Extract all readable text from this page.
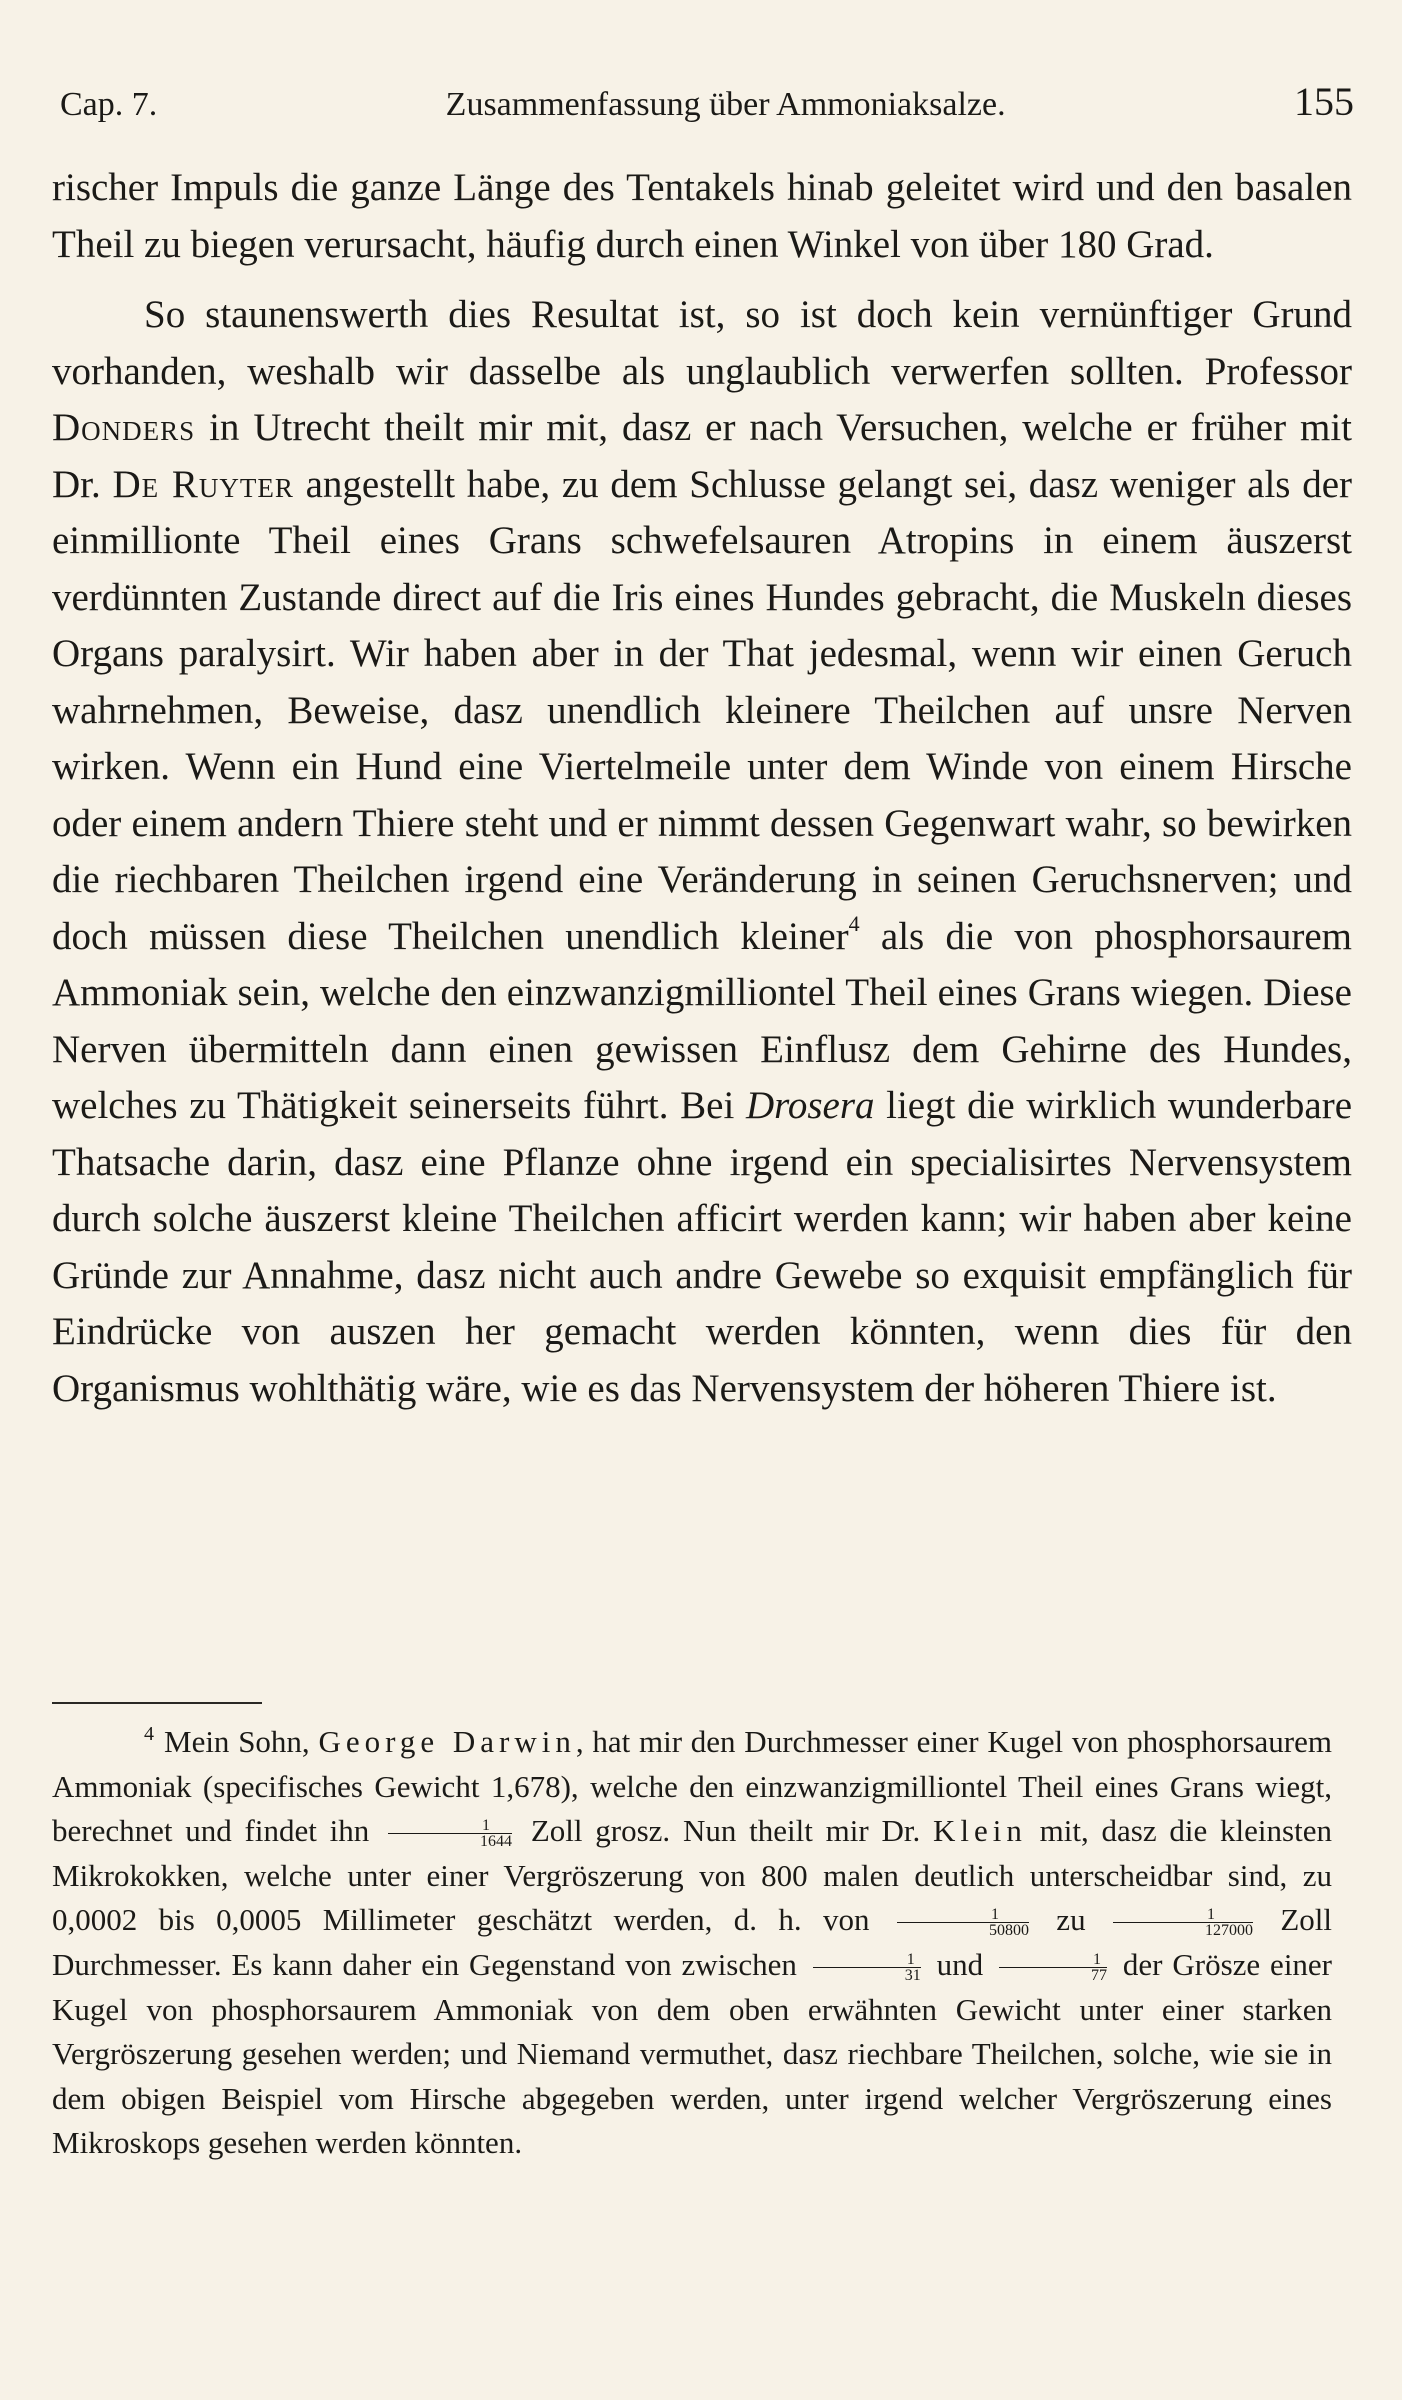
Cap. 7.	Zusammenfassung über Ammoniaksalze.	155

rischer Impuls die ganze Länge des Tentakels hinab geleitet wird und den basalen Theil zu biegen verursacht, häufig durch einen Winkel von über 180 Grad.

So staunenswerth dies Resultat ist, so ist doch kein vernünftiger Grund vorhanden, weshalb wir dasselbe als unglaublich verwerfen sollten. Professor Donders in Utrecht theilt mir mit, dasz er nach Versuchen, welche er früher mit Dr. De Ruyter angestellt habe, zu dem Schlusse gelangt sei, dasz weniger als der einmillionte Theil eines Grans schwefelsauren Atropins in einem äuszerst verdünnten Zustande direct auf die Iris eines Hundes gebracht, die Muskeln dieses Organs paralysirt. Wir haben aber in der That jedesmal, wenn wir einen Geruch wahrnehmen, Beweise, dasz unendlich kleinere Theilchen auf unsre Nerven wirken. Wenn ein Hund eine Viertelmeile unter dem Winde von einem Hirsche oder einem andern Thiere steht und er nimmt dessen Gegenwart wahr, so bewirken die riechbaren Theilchen irgend eine Veränderung in seinen Geruchsnerven; und doch müssen diese Theilchen unendlich kleiner$^4$ als die von phosphorsaurem Ammoniak sein, welche den einzwanzigmilliontel Theil eines Grans wiegen. Diese Nerven übermitteln dann einen gewissen Einflusz dem Gehirne des Hundes, welches zu Thätigkeit seinerseits führt. Bei Drosera liegt die wirklich wunderbare Thatsache darin, dasz eine Pflanze ohne irgend ein specialisirtes Nervensystem durch solche äuszerst kleine Theilchen afficirt werden kann; wir haben aber keine Gründe zur Annahme, dasz nicht auch andre Gewebe so exquisit empfänglich für Eindrücke von auszen her gemacht werden könnten, wenn dies für den Organismus wohlthätig wäre, wie es das Nervensystem der höheren Thiere ist.

$^4$ Mein Sohn, George Darwin, hat mir den Durchmesser einer Kugel von phosphorsaurem Ammoniak (specifisches Gewicht 1,678), welche den einzwanzigmilliontel Theil eines Grans wiegt, berechnet und findet ihn $\frac{1}{1644}$ Zoll grosz. Nun theilt mir Dr. Klein mit, dasz die kleinsten Mikrokokken, welche unter einer Vergröszerung von 800 malen deutlich unterscheidbar sind, zu 0,0002 bis 0,0005 Millimeter geschätzt werden, d. h. von $\frac{1}{50800}$ zu $\frac{1}{127000}$ Zoll Durchmesser. Es kann daher ein Gegenstand von zwischen $\frac{1}{31}$ und $\frac{1}{77}$ der Grösze einer Kugel von phosphorsaurem Ammoniak von dem oben erwähnten Gewicht unter einer starken Vergröszerung gesehen werden; und Niemand vermuthet, dasz riechbare Theilchen, solche, wie sie in dem obigen Beispiel vom Hirsche abgegeben werden, unter irgend welcher Vergröszerung eines Mikroskops gesehen werden könnten.
